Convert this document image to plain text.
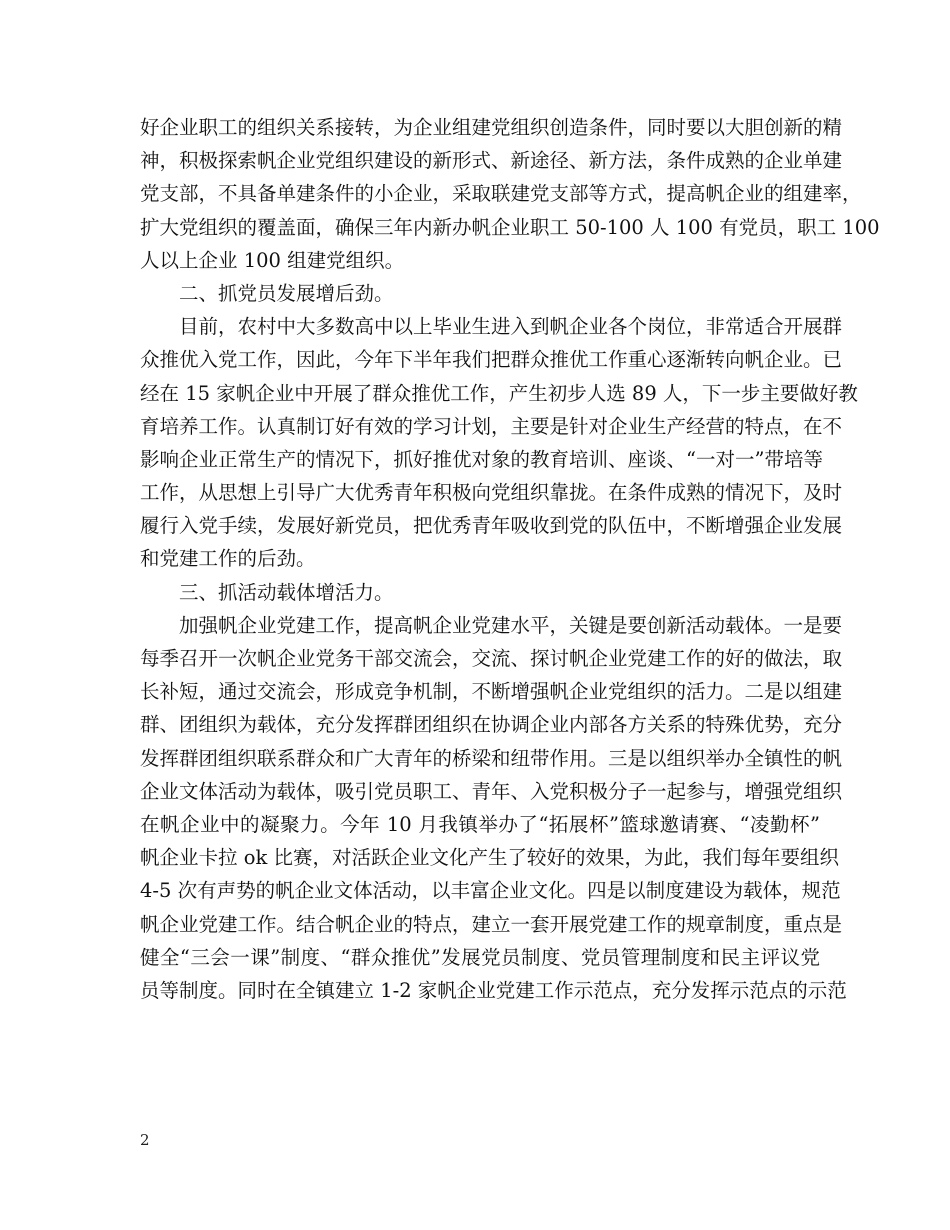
好企业职工的组织关系接转，为企业组建党组织创造条件，同时要以大胆创新的精
神，积极探索帆企业党组织建设的新形式、新途径、新方法，条件成熟的企业单建
党支部，不具备单建条件的小企业，采取联建党支部等方式，提高帆企业的组建率，
扩大党组织的覆盖面，确保三年内新办帆企业职工 50-100 人 100 有党员，职工 100
人以上企业 100 组建党组织。
二、抓党员发展增后劲。
目前，农村中大多数高中以上毕业生进入到帆企业各个岗位，非常适合开展群
众推优入党工作，因此，今年下半年我们把群众推优工作重心逐渐转向帆企业。已
经在 15 家帆企业中开展了群众推优工作，产生初步人选 89 人，下一步主要做好教
育培养工作。认真制订好有效的学习计划，主要是针对企业生产经营的特点，在不
影响企业正常生产的情况下，抓好推优对象的教育培训、座谈、“一对一”带培等
工作，从思想上引导广大优秀青年积极向党组织靠拢。在条件成熟的情况下，及时
履行入党手续，发展好新党员，把优秀青年吸收到党的队伍中，不断增强企业发展
和党建工作的后劲。
三、抓活动载体增活力。
加强帆企业党建工作，提高帆企业党建水平，关键是要创新活动载体。一是要
每季召开一次帆企业党务干部交流会，交流、探讨帆企业党建工作的好的做法，取
长补短，通过交流会，形成竞争机制，不断增强帆企业党组织的活力。二是以组建
群、团组织为载体，充分发挥群团组织在协调企业内部各方关系的特殊优势，充分
发挥群团组织联系群众和广大青年的桥梁和纽带作用。三是以组织举办全镇性的帆
企业文体活动为载体，吸引党员职工、青年、入党积极分子一起参与，增强党组织
在帆企业中的凝聚力。今年 10 月我镇举办了“拓展杯”篮球邀请赛、“凌勤杯”
帆企业卡拉 ok 比赛，对活跃企业文化产生了较好的效果，为此，我们每年要组织
4-5 次有声势的帆企业文体活动，以丰富企业文化。四是以制度建设为载体，规范
帆企业党建工作。结合帆企业的特点，建立一套开展党建工作的规章制度，重点是
健全“三会一课”制度、“群众推优”发展党员制度、党员管理制度和民主评议党
员等制度。同时在全镇建立 1-2 家帆企业党建工作示范点，充分发挥示范点的示范
2
